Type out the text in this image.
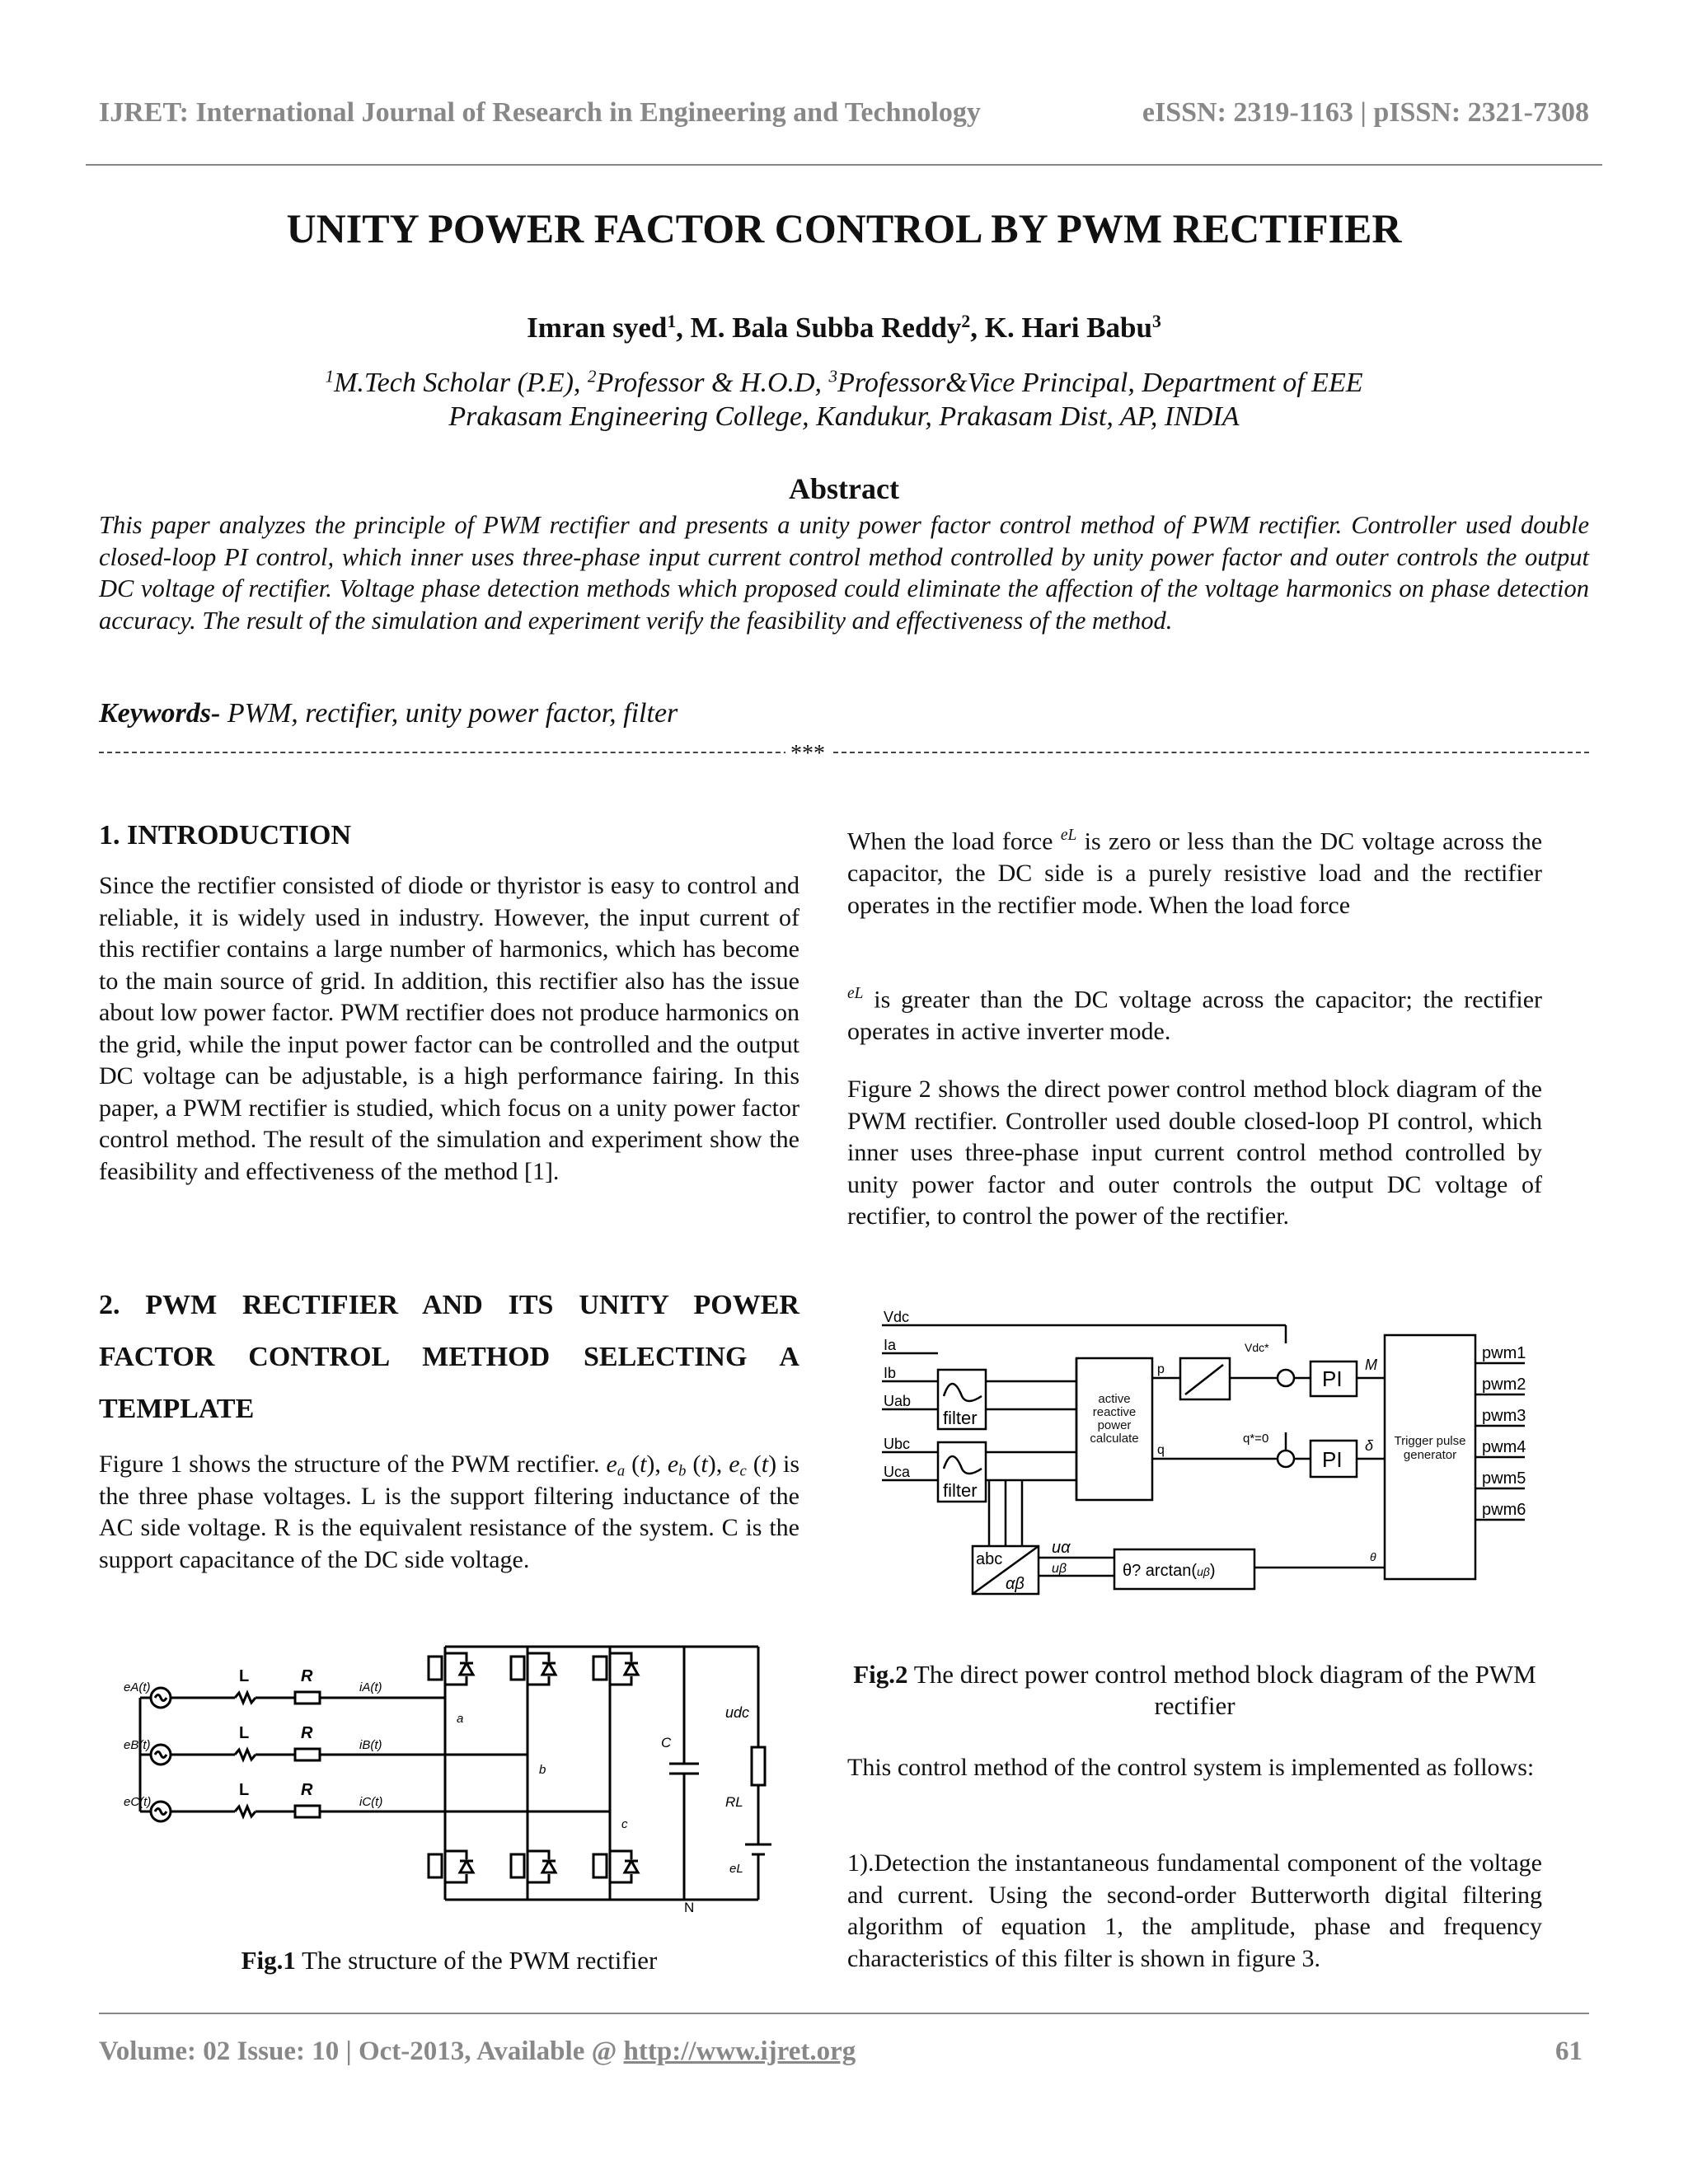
IJRET: International Journal of Research in Engineering and Technology	eISSN: 2319-1163 | pISSN: 2321-7308
UNITY POWER FACTOR CONTROL BY PWM RECTIFIER
Imran syed$^1$, M. Bala Subba Reddy$^2$, K. Hari Babu$^3$
$^1$M.Tech Scholar (P.E), $^2$Professor & H.O.D, $^3$Professor&Vice Principal, Department of EEE
Prakasam Engineering College, Kandukur, Prakasam Dist, AP, INDIA
Abstract
This paper analyzes the principle of PWM rectifier and presents a unity power factor control method of PWM rectifier. Controller used double closed-loop PI control, which inner uses three-phase input current control method controlled by unity power factor and outer controls the output DC voltage of rectifier. Voltage phase detection methods which proposed could eliminate the affection of the voltage harmonics on phase detection accuracy. The result of the simulation and experiment verify the feasibility and effectiveness of the method.
Keywords- PWM, rectifier, unity power factor, filter
***
1. INTRODUCTION
Since the rectifier consisted of diode or thyristor is easy to control and reliable, it is widely used in industry. However, the input current of this rectifier contains a large number of harmonics, which has become to the main source of grid. In addition, this rectifier also has the issue about low power factor. PWM rectifier does not produce harmonics on the grid, while the input power factor can be controlled and the output DC voltage can be adjustable, is a high performance fairing. In this paper, a PWM rectifier is studied, which focus on a unity power factor control method. The result of the simulation and experiment show the feasibility and effectiveness of the method [1].
2. PWM RECTIFIER AND ITS UNITY POWER FACTOR CONTROL METHOD SELECTING A TEMPLATE
Figure 1 shows the structure of the PWM rectifier. $e_a$ (t), $e_b$ (t), $e_c$ (t) is the three phase voltages. L is the support filtering inductance of the AC side voltage. R is the equivalent resistance of the system. C is the support capacitance of the DC side voltage.
eA(t)
eB(t)
eC(t)
L
L
L
R
R
R
iA(t)
iB(t)
iC(t)
a
b
c
C
udc
RL
eL
N
Fig.1 The structure of the PWM rectifier
When the load force $^{eL}$ is zero or less than the DC voltage across the capacitor, the DC side is a purely resistive load and the rectifier operates in the rectifier mode. When the load force
$^{eL}$ is greater than the DC voltage across the capacitor; the rectifier operates in active inverter mode.
Figure 2 shows the direct power control method block diagram of the PWM rectifier. Controller used double closed-loop PI control, which inner uses three-phase input current control method controlled by unity power factor and outer controls the output DC voltage of rectifier, to control the power of the rectifier.
Vdc
Ia
Ib
Uab
Ubc
Uca
filter
filter
active reactive power calculate
p
q
Vdc*
q*=0
PI
PI
M
δ	Trigger pulse generator
pwm1
pwm2
pwm3
pwm4
pwm5
pwm6
abc
αβ
uα
uβ	θ? arctan(uβ)
θ
Fig.2 The direct power control method block diagram of the PWM rectifier
This control method of the control system is implemented as follows:
1).Detection the instantaneous fundamental component of the voltage and current. Using the second-order Butterworth digital filtering algorithm of equation 1, the amplitude, phase and frequency characteristics of this filter is shown in figure 3.
Volume: 02 Issue: 10 | Oct-2013, Available @ http://www.ijret.org	61
